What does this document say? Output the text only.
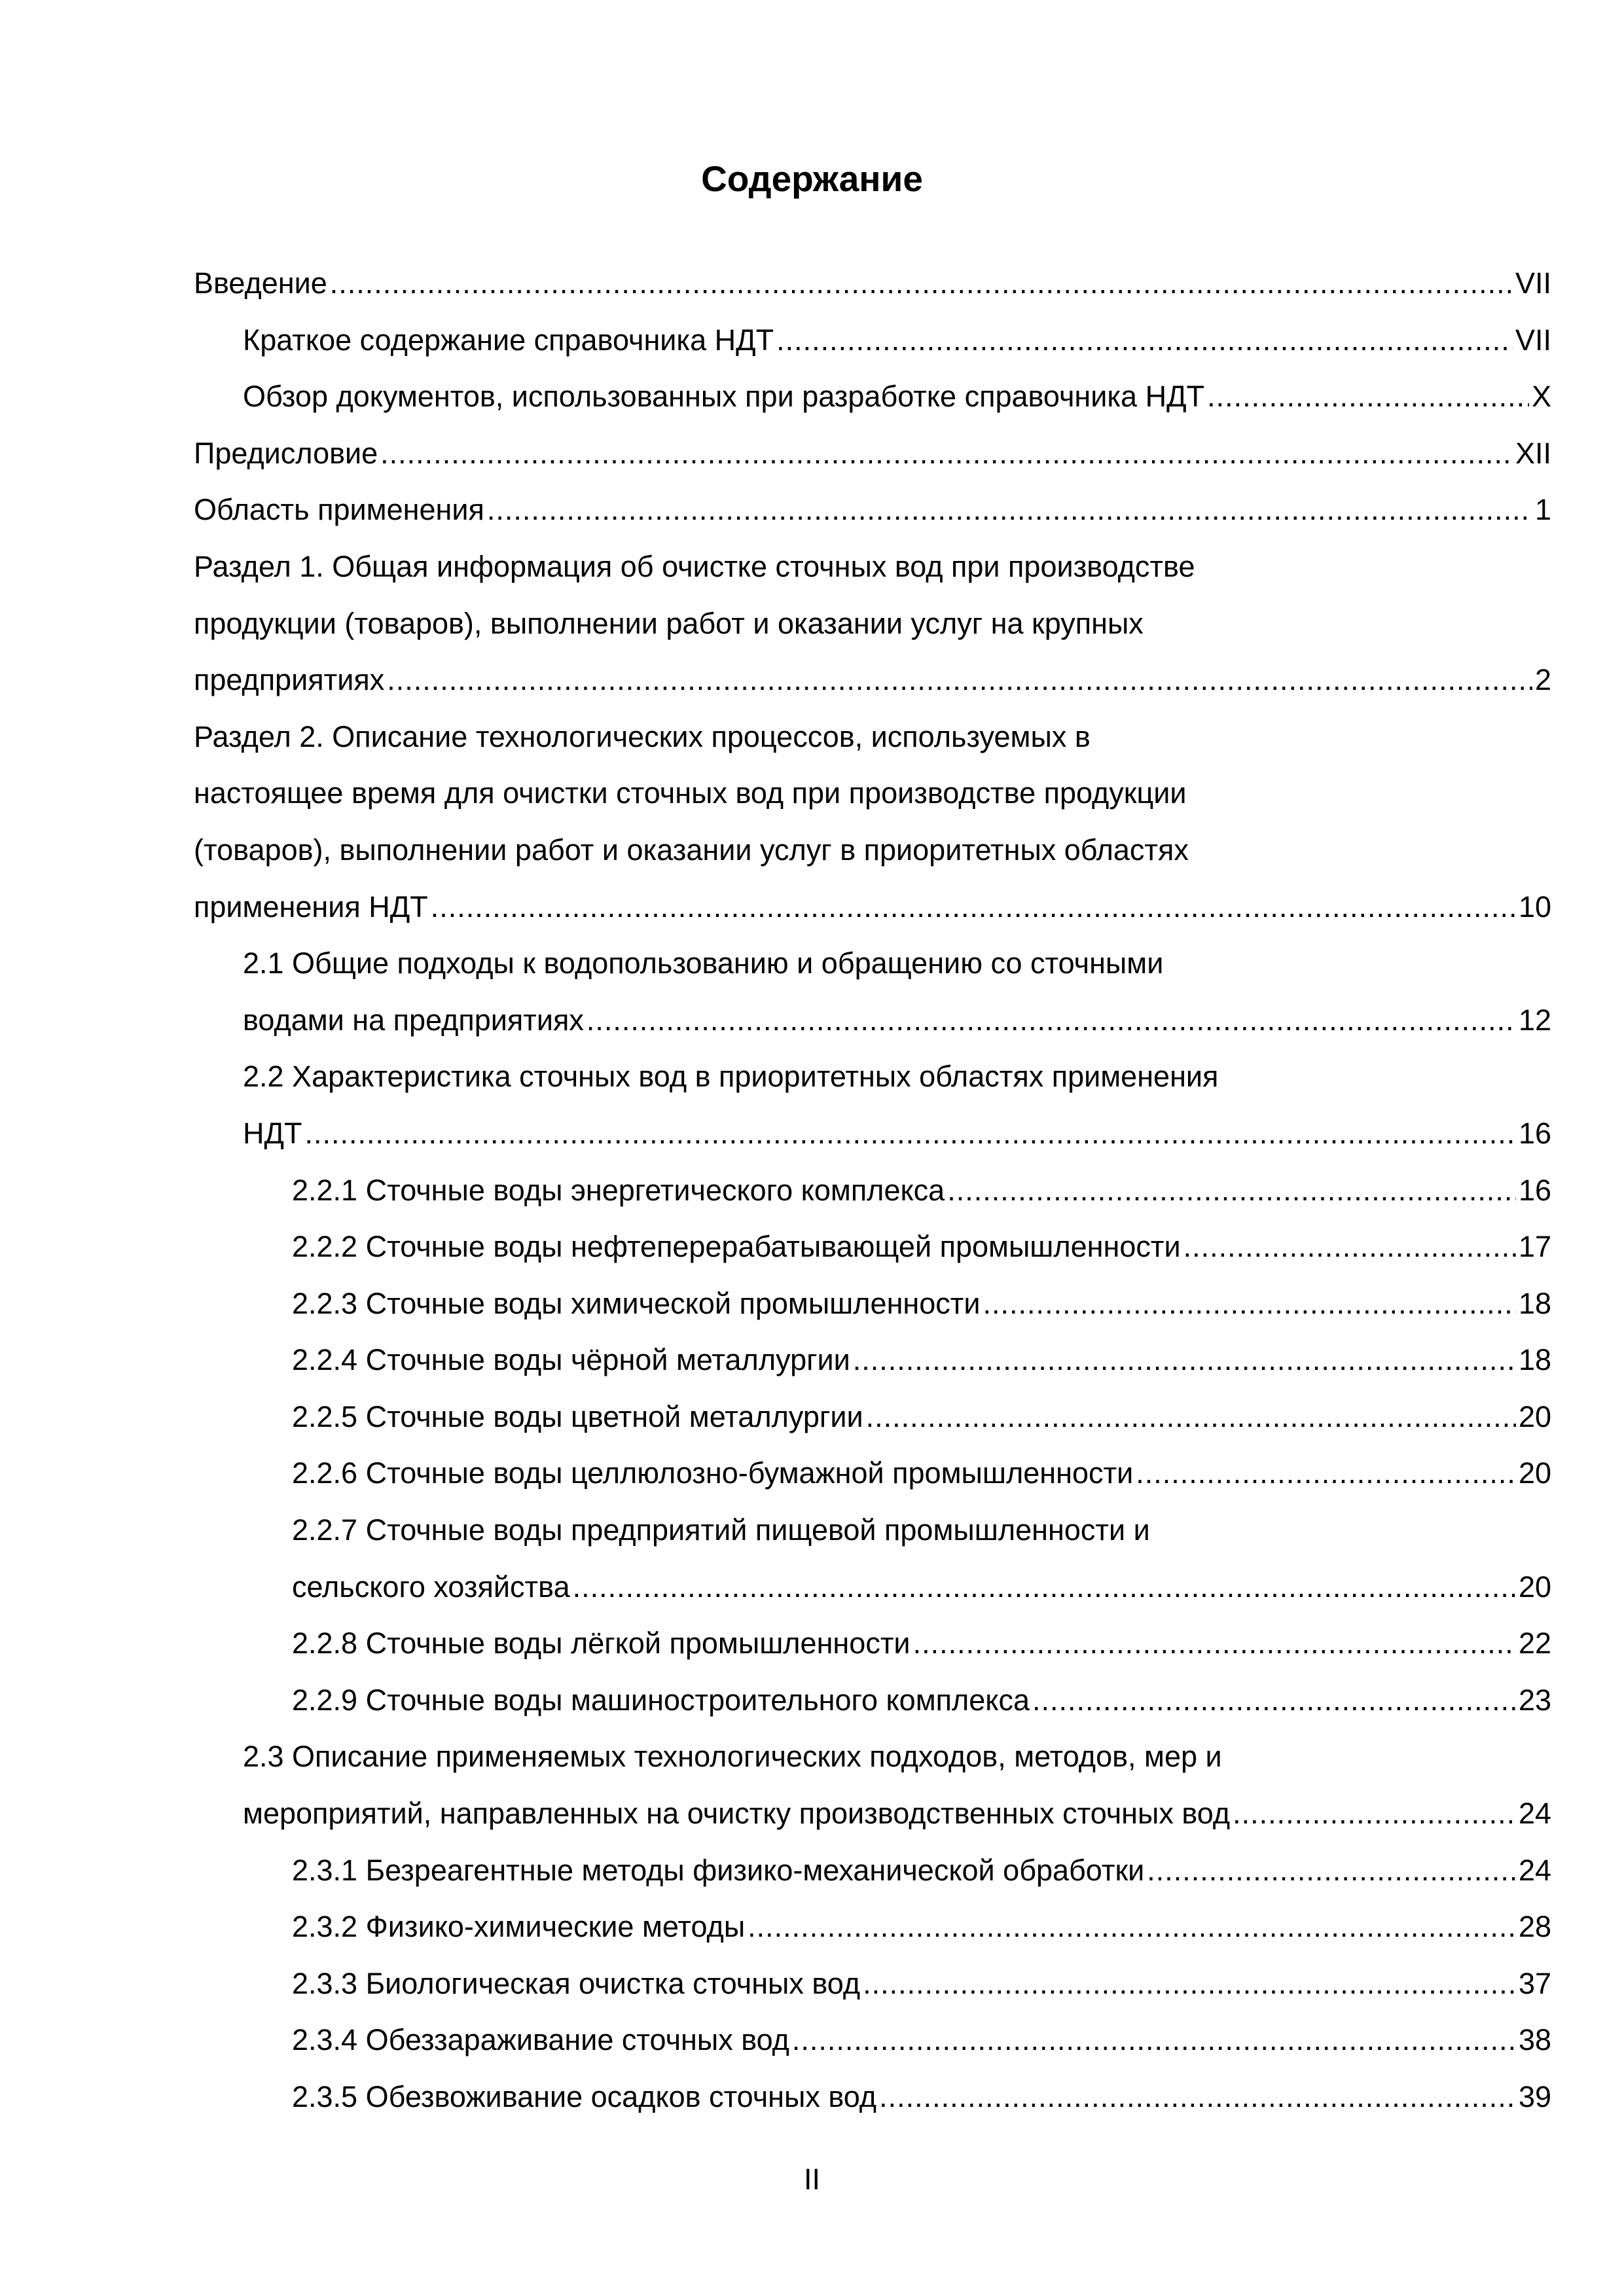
Содержание
Введение .....	VII
Краткое содержание справочника НДТ .....	VII
Обзор документов, использованных при разработке справочника НДТ .....	X
Предисловие .....	XII
Область применения .....	1
Раздел 1. Общая информация об очистке сточных вод при производстве
продукции (товаров), выполнении работ и оказании услуг на крупных
предприятиях .....	2
Раздел 2. Описание технологических процессов, используемых в
настоящее время для очистки сточных вод при производстве продукции
(товаров), выполнении работ и оказании услуг в приоритетных областях
применения НДТ .....	10
2.1 Общие подходы к водопользованию и обращению со сточными
водами на предприятиях .....	12
2.2 Характеристика сточных вод в приоритетных областях применения
НДТ .....	16
2.2.1 Сточные воды энергетического комплекса .....	16
2.2.2 Сточные воды нефтеперерабатывающей промышленности .....	17
2.2.3 Сточные воды химической промышленности .....	18
2.2.4 Сточные воды чёрной металлургии .....	18
2.2.5 Сточные воды цветной металлургии .....	20
2.2.6 Сточные воды целлюлозно-бумажной промышленности .....	20
2.2.7 Сточные воды предприятий пищевой промышленности и
сельского хозяйства .....	20
2.2.8 Сточные воды лёгкой промышленности .....	22
2.2.9 Сточные воды машиностроительного комплекса .....	23
2.3 Описание применяемых технологических подходов, методов, мер и
мероприятий, направленных на очистку производственных сточных вод .....	24
2.3.1 Безреагентные методы физико-механической обработки .....	24
2.3.2 Физико-химические методы .....	28
2.3.3 Биологическая очистка сточных вод .....	37
2.3.4 Обеззараживание сточных вод .....	38
2.3.5 Обезвоживание осадков сточных вод .....	39
II
